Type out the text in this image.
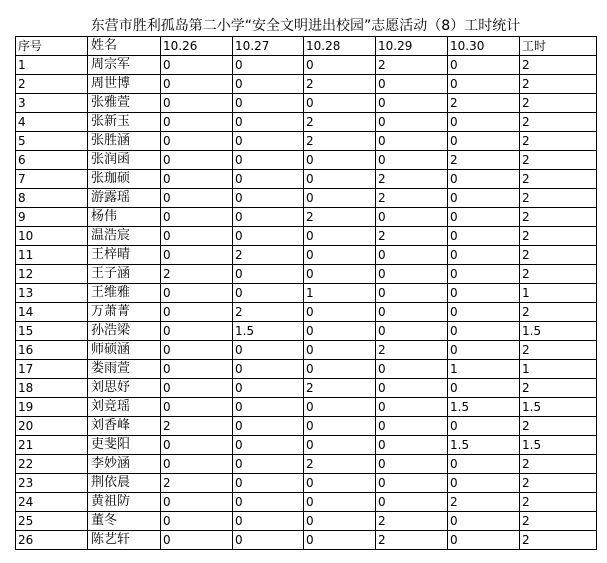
东营市胜利孤岛第二小学“安全文明进出校园”志愿活动（8）工时统计
序号	姓名	10.26	10.27	10.28	10.29	10.30	工时
1	周宗军	0	0	0	2	0	2
2	周世博	0	0	2	0	0	2
3	张雅萱	0	0	0	0	2	2
4	张新玉	0	0	2	0	0	2
5	张胜涵	0	0	2	0	0	2
6	张润函	0	0	0	0	2	2
7	张珈硕	0	0	0	2	0	2
8	游露瑶	0	0	0	2	0	2
9	杨伟	0	0	2	0	0	2
10	温浩宸	0	0	0	2	0	2
11	王梓晴	0	2	0	0	0	2
12	王子涵	2	0	0	0	0	2
13	王维雅	0	0	1	0	0	1
14	万萧菁	0	2	0	0	0	2
15	孙浩梁	0	1.5	0	0	0	1.5
16	师硕涵	0	0	0	2	0	2
17	娄雨萱	0	0	0	0	1	1
18	刘思妤	0	0	2	0	0	2
19	刘竞瑶	0	0	0	0	1.5	1.5
20	刘香峰	2	0	0	0	0	2
21	吏斐阳	0	0	0	0	1.5	1.5
22	李妙涵	0	0	2	0	0	2
23	荆依晨	2	0	0	0	0	2
24	黄祖防	0	0	0	0	2	2
25	董冬	0	0	0	2	0	2
26	陈艺轩	0	0	0	2	0	2
